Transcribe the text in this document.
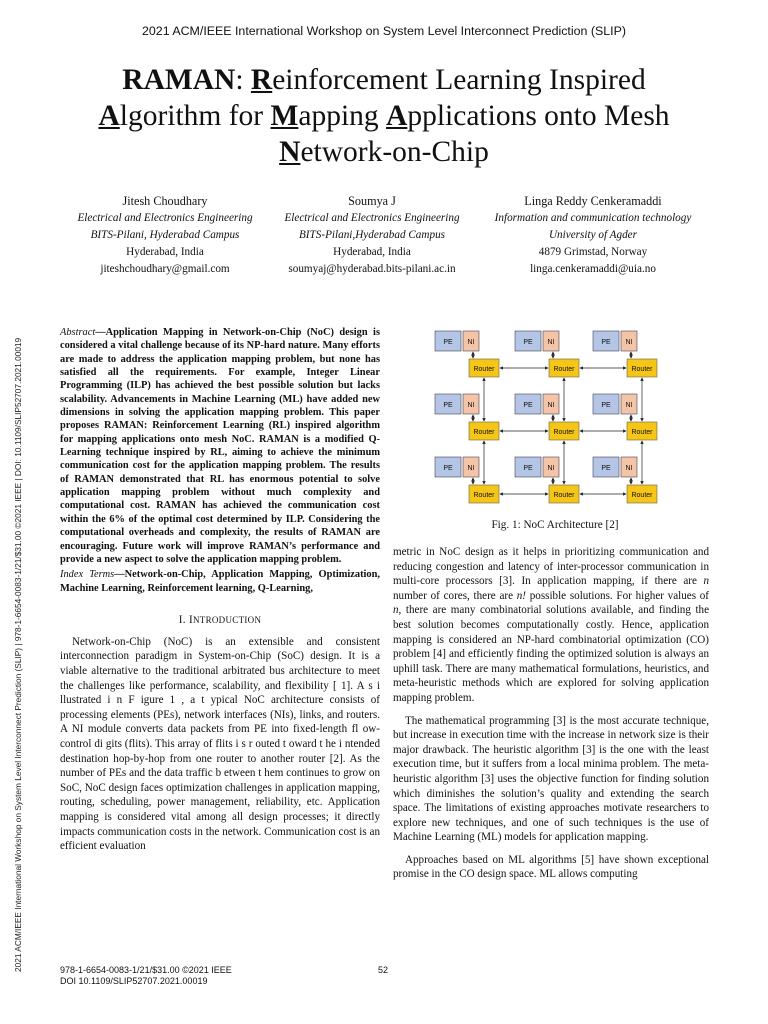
2021 ACM/IEEE International Workshop on System Level Interconnect Prediction (SLIP)
RAMAN: Reinforcement Learning Inspired
Algorithm for Mapping Applications onto Mesh
Network-on-Chip
Jitesh Choudhary
Electrical and Electronics Engineering
BITS-Pilani, Hyderabad Campus
Hyderabad, India
jiteshchoudhary@gmail.com
Soumya J
Electrical and Electronics Engineering
BITS-Pilani,Hyderabad Campus
Hyderabad, India
soumyaj@hyderabad.bits-pilani.ac.in
Linga Reddy Cenkeramaddi
Information and communication technology
University of Agder
4879 Grimstad, Norway
linga.cenkeramaddi@uia.no
2021 ACM/IEEE International Workshop on System Level Interconnect Prediction (SLIP) | 978-1-6654-0083-1/21/$31.00 ©2021 IEEE | DOI: 10.1109/SLIP52707.2021.00019

Abstract—Application Mapping in Network-on-Chip (NoC) design is considered a vital challenge because of its NP-hard nature. Many efforts are made to address the application mapping problem, but none has satisfied all the requirements. For example, Integer Linear Programming (ILP) has achieved the best possible solution but lacks scalability. Advancements in Machine Learning (ML) have added new dimensions in solving the application mapping problem. This paper proposes RAMAN: Reinforcement Learning (RL) inspired algorithm for mapping applications onto mesh NoC. RAMAN is a modified Q-Learning technique inspired by RL, aiming to achieve the minimum communication cost for the application mapping problem. The results of RAMAN demonstrated that RL has enormous potential to solve application mapping problem without much complexity and computational cost. RAMAN has achieved the communication cost within the 6% of the optimal cost determined by ILP. Considering the computational overheads and complexity, the results of RAMAN are encouraging. Future work will improve RAMAN’s performance and provide a new aspect to solve the application mapping problem.

Index Terms—Network-on-Chip, Application Mapping, Optimization, Machine Learning, Reinforcement learning, Q-Learning,

I. INTRODUCTION

Network-on-Chip (NoC) is an extensible and consistent interconnection paradigm in System-on-Chip (SoC) design. It is a viable alternative to the traditional arbitrated bus architecture to meet the challenges like performance, scalability, and flexibility [ 1]. A s i llustrated i n F igure 1 , a t ypical NoC architecture consists of processing elements (PEs), network interfaces (NIs), links, and routers. A NI module converts data packets from PE into fixed-length fl ow-control di gits (flits). This array of flits i s r outed t oward t he i ntended destination hop-by-hop from one router to another router [2]. As the number of PEs and the data traffic b etween t hem continues to grow on SoC, NoC design faces optimization challenges in application mapping, routing, scheduling, power management, reliability, etc. Application mapping is considered vital among all design processes; it directly impacts communication costs in the network. Communication cost is an efficient evaluation

PE NI
Router
PE NI
Router
PE NI
Router
PE NI
Router
PE NI
Router
PE NI
Router
PE NI
Router
PE NI
Router
PE NI
Router
Fig. 1: NoC Architecture [2]

metric in NoC design as it helps in prioritizing communication and reducing congestion and latency of inter-processor communication in multi-core processors [3]. In application mapping, if there are n number of cores, there are n! possible solutions. For higher values of n, there are many combinatorial solutions available, and finding the best solution becomes computationally costly. Hence, application mapping is considered an NP-hard combinatorial optimization (CO) problem [4] and efficiently finding the optimized solution is always an uphill task. There are many mathematical formulations, heuristics, and meta-heuristic methods which are explored for solving application mapping problem.

The mathematical programming [3] is the most accurate technique, but increase in execution time with the increase in network size is their major drawback. The heuristic algorithm [3] is the one with the least execution time, but it suffers from a local minima problem. The meta-heuristic algorithm [3] uses the objective function for finding solution which diminishes the solution’s quality and extending the search space. The limitations of existing approaches motivate researchers to explore new techniques, and one of such techniques is the use of Machine Learning (ML) models for application mapping.

Approaches based on ML algorithms [5] have shown exceptional promise in the CO design space. ML allows computing

978-1-6654-0083-1/21/$31.00 ©2021 IEEE
DOI 10.1109/SLIP52707.2021.00019
52
